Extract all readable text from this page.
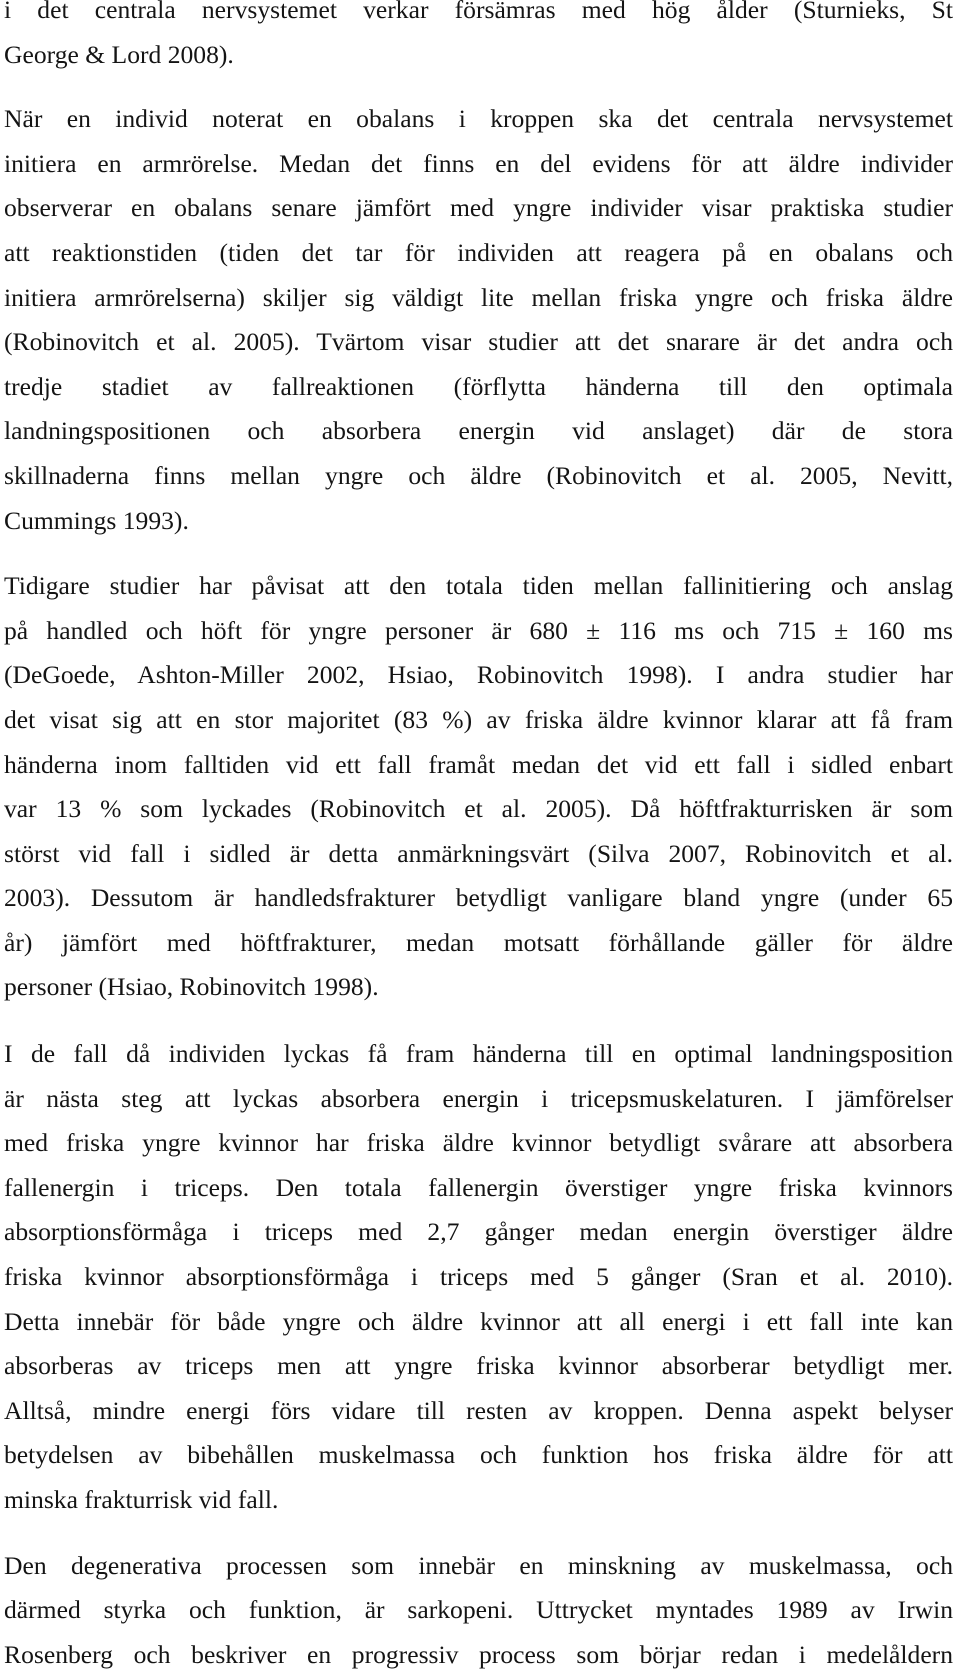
i det centrala nervsystemet verkar försämras med hög ålder (Sturnieks, St
George & Lord 2008).

När en individ noterat en obalans i kroppen ska det centrala nervsystemet
initiera en armrörelse. Medan det finns en del evidens för att äldre individer
observerar en obalans senare jämfört med yngre individer visar praktiska studier
att reaktionstiden (tiden det tar för individen att reagera på en obalans och
initiera armrörelserna) skiljer sig väldigt lite mellan friska yngre och friska äldre
(Robinovitch et al. 2005). Tvärtom visar studier att det snarare är det andra och
tredje stadiet av fallreaktionen (förflytta händerna till den optimala
landningspositionen och absorbera energin vid anslaget) där de stora
skillnaderna finns mellan yngre och äldre (Robinovitch et al. 2005, Nevitt,
Cummings 1993).

Tidigare studier har påvisat att den totala tiden mellan fallinitiering och anslag
på handled och höft för yngre personer är 680 ± 116 ms och 715 ± 160 ms
(DeGoede, Ashton-Miller 2002, Hsiao, Robinovitch 1998). I andra studier har
det visat sig att en stor majoritet (83 %) av friska äldre kvinnor klarar att få fram
händerna inom falltiden vid ett fall framåt medan det vid ett fall i sidled enbart
var 13 % som lyckades (Robinovitch et al. 2005). Då höftfrakturrisken är som
störst vid fall i sidled är detta anmärkningsvärt (Silva 2007, Robinovitch et al.
2003). Dessutom är handledsfrakturer betydligt vanligare bland yngre (under 65
år) jämfört med höftfrakturer, medan motsatt förhållande gäller för äldre
personer (Hsiao, Robinovitch 1998).

I de fall då individen lyckas få fram händerna till en optimal landningsposition
är nästa steg att lyckas absorbera energin i tricepsmuskelaturen. I jämförelser
med friska yngre kvinnor har friska äldre kvinnor betydligt svårare att absorbera
fallenergin i triceps. Den totala fallenergin överstiger yngre friska kvinnors
absorptionsförmåga i triceps med 2,7 gånger medan energin överstiger äldre
friska kvinnor absorptionsförmåga i triceps med 5 gånger (Sran et al. 2010).
Detta innebär för både yngre och äldre kvinnor att all energi i ett fall inte kan
absorberas av triceps men att yngre friska kvinnor absorberar betydligt mer.
Alltså, mindre energi förs vidare till resten av kroppen. Denna aspekt belyser
betydelsen av bibehållen muskelmassa och funktion hos friska äldre för att
minska frakturrisk vid fall.

Den degenerativa processen som innebär en minskning av muskelmassa, och
därmed styrka och funktion, är sarkopeni. Uttrycket myntades 1989 av Irwin
Rosenberg och beskriver en progressiv process som börjar redan i medelåldern
